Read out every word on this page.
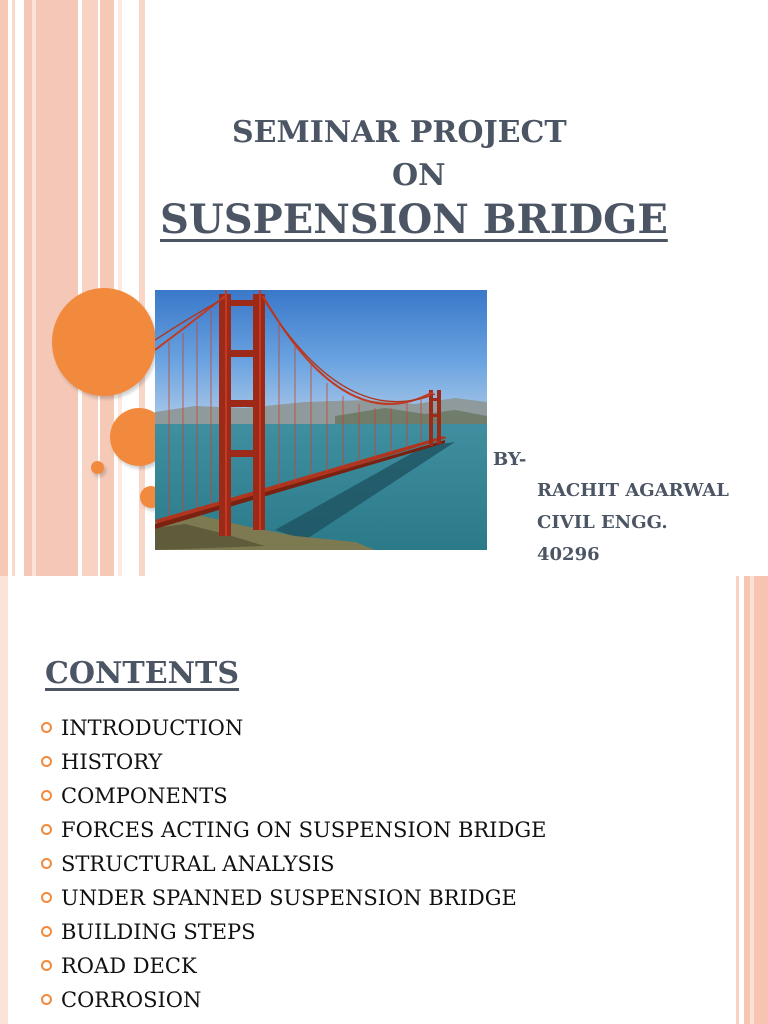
SEMINAR PROJECT

ON

SUSPENSION BRIDGE

BY-

RACHIT AGARWAL

CIVIL ENGG.

40296

CONTENTS
INTRODUCTION
HISTORY
COMPONENTS
FORCES ACTING ON SUSPENSION BRIDGE
STRUCTURAL ANALYSIS
UNDER SPANNED SUSPENSION BRIDGE
BUILDING STEPS
ROAD DECK
CORROSION
